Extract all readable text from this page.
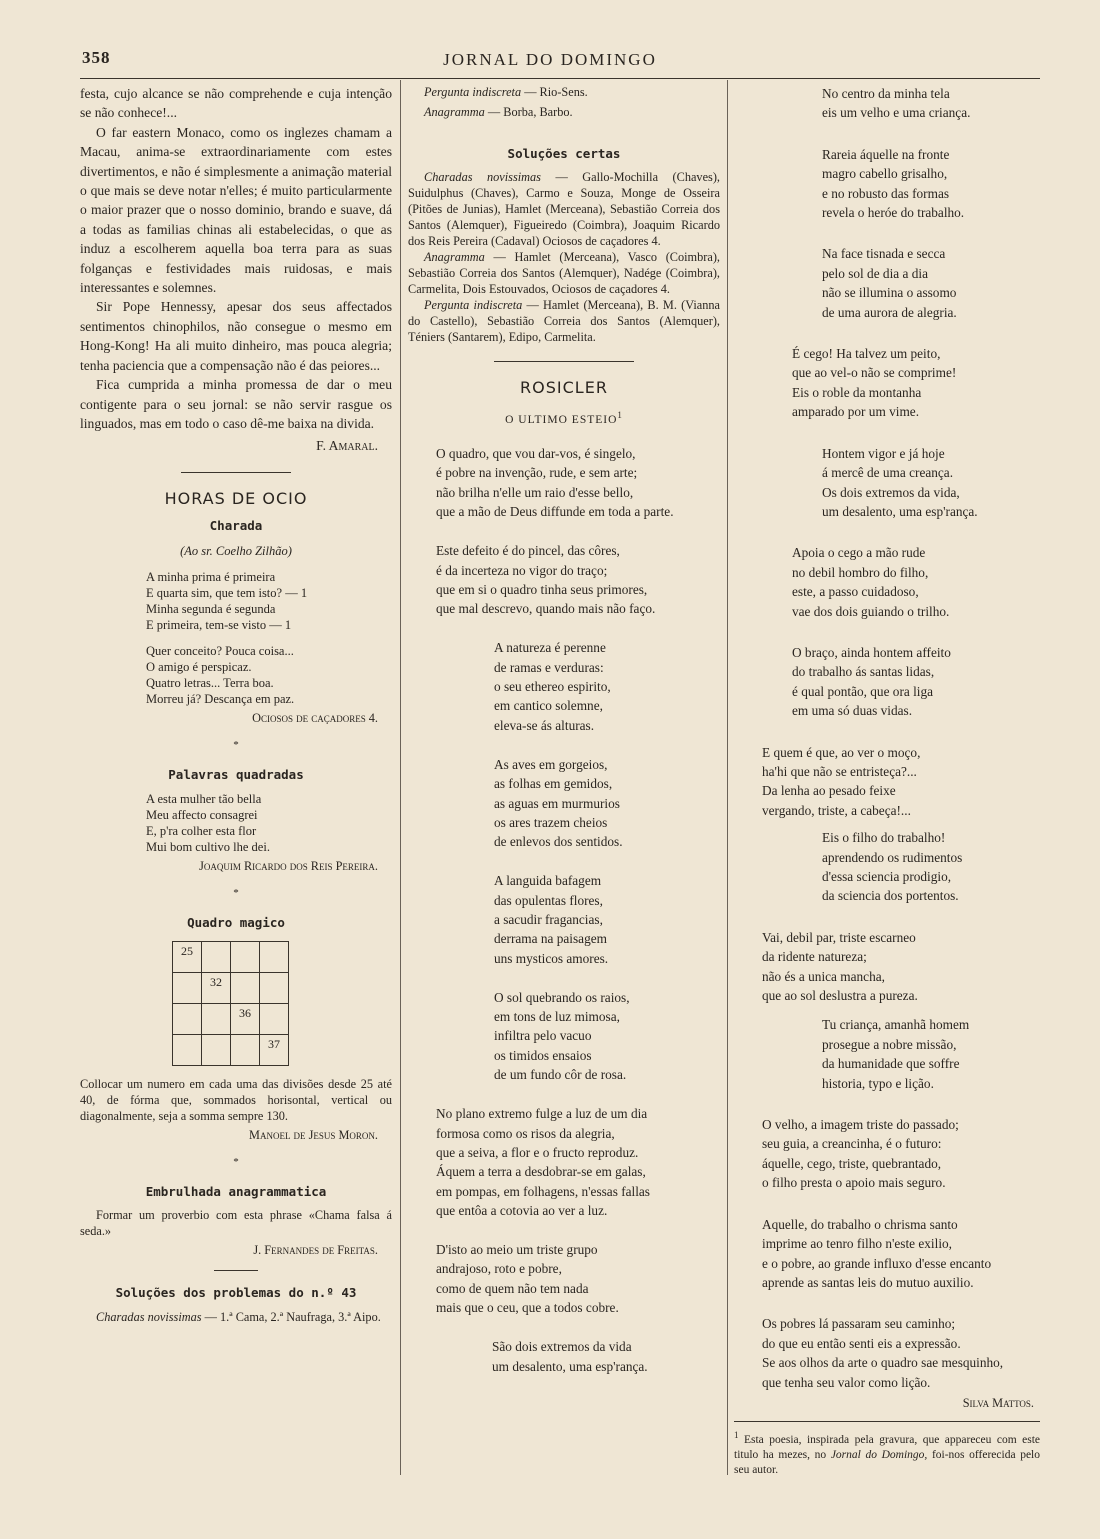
358	JORNAL DO DOMINGO

festa, cujo alcance se não comprehende e cuja intenção se não conhece!...

O far eastern Monaco, como os inglezes chamam a Macau, anima-se extraordinariamente com estes divertimentos, e não é simplesmente a animação material o que mais se deve notar n'elles; é muito particularmente o maior prazer que o nosso dominio, brando e suave, dá a todas as familias chinas ali estabelecidas, o que as induz a escolherem aquella boa terra para as suas folganças e festividades mais ruidosas, e mais interessantes e solemnes.

Sir Pope Hennessy, apesar dos seus affectados sentimentos chinophilos, não consegue o mesmo em Hong-Kong! Ha ali muito dinheiro, mas pouca alegria; tenha paciencia que a compensação não é das peiores...

Fica cumprida a minha promessa de dar o meu contigente para o seu jornal: se não servir rasgue os linguados, mas em todo o caso dê-me baixa na divida.

F. Amaral.

HORAS DE OCIO
Charada
(Ao sr. Coelho Zilhão)
A minha prima é primeira
E quarta sim, que tem isto? — 1
Minha segunda é segunda
E primeira, tem-se visto — 1
Quer conceito? Pouca coisa...
O amigo é perspicaz.
Quatro letras... Terra boa.
Morreu já? Descança em paz.

Ociosos de caçadores 4.

*
Palavras quadradas
A esta mulher tão bella
Meu affecto consagrei
E, p'ra colher esta flor
Mui bom cultivo lhe dei.

Joaquim Ricardo dos Reis Pereira.

*
Quadro magico
25			
	32		
		36	
			37

Collocar um numero em cada uma das divisões desde 25 até 40, de fórma que, sommados horisontal, vertical ou diagonalmente, seja a somma sempre 130.

Manoel de Jesus Moron.

*
Embrulhada anagrammatica

Formar um proverbio com esta phrase «Chama falsa á seda.»

J. Fernandes de Freitas.

Soluções dos problemas do n.º 43

Charadas novissimas — 1.ª Cama, 2.ª Naufraga, 3.ª Aipo.

Pergunta indiscreta — Rio-Sens.

Anagramma — Borba, Barbo.

Soluções certas

Charadas novissimas — Gallo-Mochilla (Chaves), Suidulphus (Chaves), Carmo e Souza, Monge de Osseira (Pitões de Junias), Hamlet (Merceana), Sebastião Correia dos Santos (Alemquer), Figueiredo (Coimbra), Joaquim Ricardo dos Reis Pereira (Cadaval) Ociosos de caçadores 4.

Anagramma — Hamlet (Merceana), Vasco (Coimbra), Sebastião Correia dos Santos (Alemquer), Nadége (Coimbra), Carmelita, Dois Estouvados, Ociosos de caçadores 4.

Pergunta indiscreta — Hamlet (Merceana), B. M. (Vianna do Castello), Sebastião Correia dos Santos (Alemquer), Téniers (Santarem), Edipo, Carmelita.

ROSICLER
O ULTIMO ESTEIO$^1$
O quadro, que vou dar-vos, é singelo,
é pobre na invenção, rude, e sem arte;
não brilha n'elle um raio d'esse bello,
que a mão de Deus diffunde em toda a parte.
Este defeito é do pincel, das côres,
é da incerteza no vigor do traço;
que em si o quadro tinha seus primores,
que mal descrevo, quando mais não faço.
A natureza é perenne
de ramas e verduras:
o seu ethereo espirito,
em cantico solemne,
eleva-se ás alturas.
As aves em gorgeios,
as folhas em gemidos,
as aguas em murmurios
os ares trazem cheios
de enlevos dos sentidos.
A languida bafagem
das opulentas flores,
a sacudir fragancias,
derrama na paisagem
uns mysticos amores.
O sol quebrando os raios,
em tons de luz mimosa,
infiltra pelo vacuo
os timidos ensaios
de um fundo côr de rosa.
No plano extremo fulge a luz de um dia
formosa como os risos da alegria,
que a seiva, a flor e o fructo reproduz.
Áquem a terra a desdobrar-se em galas,
em pompas, em folhagens, n'essas fallas
que entôa a cotovia ao ver a luz.
D'isto ao meio um triste grupo
andrajoso, roto e pobre,
como de quem não tem nada
mais que o ceu, que a todos cobre.
São dois extremos da vida
um desalento, uma esp'rança.
No centro da minha tela
eis um velho e uma criança.
Rareia áquelle na fronte
magro cabello grisalho,
e no robusto das formas
revela o heróe do trabalho.
Na face tisnada e secca
pelo sol de dia a dia
não se illumina o assomo
de uma aurora de alegria.
É cego! Ha talvez um peito,
que ao vel-o não se comprime!
Eis o roble da montanha
amparado por um vime.
Hontem vigor e já hoje
á mercê de uma creança.
Os dois extremos da vida,
um desalento, uma esp'rança.
Apoia o cego a mão rude
no debil hombro do filho,
este, a passo cuidadoso,
vae dos dois guiando o trilho.
O braço, ainda hontem affeito
do trabalho ás santas lidas,
é qual pontão, que ora liga
em uma só duas vidas.
E quem é que, ao ver o moço,
ha'hi que não se entristeça?...
Da lenha ao pesado feixe
vergando, triste, a cabeça!...
Eis o filho do trabalho!
aprendendo os rudimentos
d'essa sciencia prodigio,
da sciencia dos portentos.
Vai, debil par, triste escarneo
da ridente natureza;
não és a unica mancha,
que ao sol deslustra a pureza.
Tu criança, amanhã homem
prosegue a nobre missão,
da humanidade que soffre
historia, typo e lição.
O velho, a imagem triste do passado;
seu guia, a creancinha, é o futuro:
áquelle, cego, triste, quebrantado,
o filho presta o apoio mais seguro.
Aquelle, do trabalho o chrisma santo
imprime ao tenro filho n'este exilio,
e o pobre, ao grande influxo d'esse encanto
aprende as santas leis do mutuo auxilio.
Os pobres lá passaram seu caminho;
do que eu então senti eis a expressão.
Se aos olhos da arte o quadro sae mesquinho,
que tenha seu valor como lição.

Silva Mattos.

$^1$ Esta poesia, inspirada pela gravura, que appareceu com este titulo ha mezes, no Jornal do Domingo, foi-nos offerecida pelo seu autor.
